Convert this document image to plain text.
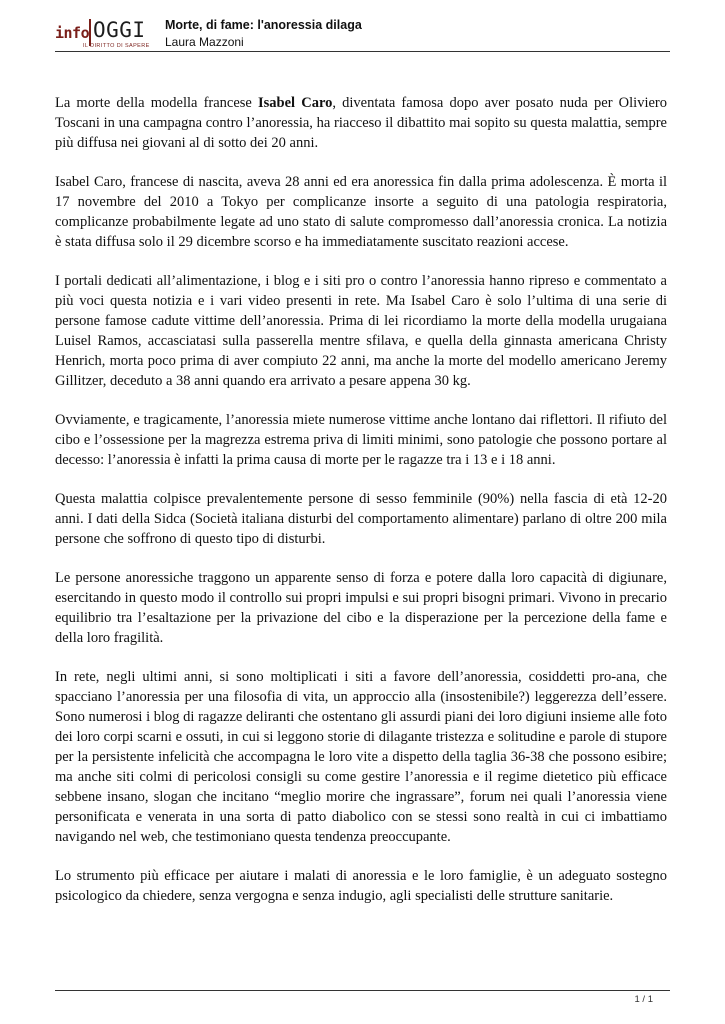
info OGGI
IL DIRITTO DI SAPERE
Morte, di fame: l'anoressia dilaga
Laura Mazzoni

La morte della modella francese Isabel Caro, diventata famosa dopo aver posato nuda per Oliviero Toscani in una campagna contro l’anoressia, ha riacceso il dibattito mai sopito su questa malattia, sempre più diffusa nei giovani al di sotto dei 20 anni.

Isabel Caro, francese di nascita, aveva 28 anni ed era anoressica fin dalla prima adolescenza. È morta il 17 novembre del 2010 a Tokyo per complicanze insorte a seguito di una patologia respiratoria, complicanze probabilmente legate ad uno stato di salute compromesso dall’anoressia cronica. La notizia è stata diffusa solo il 29 dicembre scorso e ha immediatamente suscitato reazioni accese.

I portali dedicati all’alimentazione, i blog e i siti pro o contro l’anoressia hanno ripreso e commentato a più voci questa notizia e i vari video presenti in rete. Ma Isabel Caro è solo l’ultima di una serie di persone famose cadute vittime dell’anoressia. Prima di lei ricordiamo la morte della modella urugaiana Luisel Ramos, accasciatasi sulla passerella mentre sfilava, e quella della ginnasta americana Christy Henrich, morta poco prima di aver compiuto 22 anni, ma anche la morte del modello americano Jeremy Gillitzer, deceduto a 38 anni quando era arrivato a pesare appena 30 kg.

Ovviamente, e tragicamente, l’anoressia miete numerose vittime anche lontano dai riflettori. Il rifiuto del cibo e l’ossessione per la magrezza estrema priva di limiti minimi, sono patologie che possono portare al decesso: l’anoressia è infatti la prima causa di morte per le ragazze tra i 13 e i 18 anni.

Questa malattia colpisce prevalentemente persone di sesso femminile (90%) nella fascia di età 12-20 anni. I dati della Sidca (Società italiana disturbi del comportamento alimentare) parlano di oltre 200 mila persone che soffrono di questo tipo di disturbi.

Le persone anoressiche traggono un apparente senso di forza e potere dalla loro capacità di digiunare, esercitando in questo modo il controllo sui propri impulsi e sui propri bisogni primari. Vivono in precario equilibrio tra l’esaltazione per la privazione del cibo e la disperazione per la percezione della fame e della loro fragilità.

In rete, negli ultimi anni, si sono moltiplicati i siti a favore dell’anoressia, cosiddetti pro-ana, che spacciano l’anoressia per una filosofia di vita, un approccio alla (insostenibile?) leggerezza dell’essere. Sono numerosi i blog di ragazze deliranti che ostentano gli assurdi piani dei loro digiuni insieme alle foto dei loro corpi scarni e ossuti, in cui si leggono storie di dilagante tristezza e solitudine e parole di stupore per la persistente infelicità che accompagna le loro vite a dispetto della taglia 36-38 che possono esibire; ma anche siti colmi di pericolosi consigli su come gestire l’anoressia e il regime dietetico più efficace sebbene insano, slogan che incitano “meglio morire che ingrassare”, forum nei quali l’anoressia viene personificata e venerata in una sorta di patto diabolico con se stessi sono realtà in cui ci imbattiamo navigando nel web, che testimoniano questa tendenza preoccupante.

Lo strumento più efficace per aiutare i malati di anoressia e le loro famiglie, è un adeguato sostegno psicologico da chiedere, senza vergogna e senza indugio, agli specialisti delle strutture sanitarie.

1 / 1
